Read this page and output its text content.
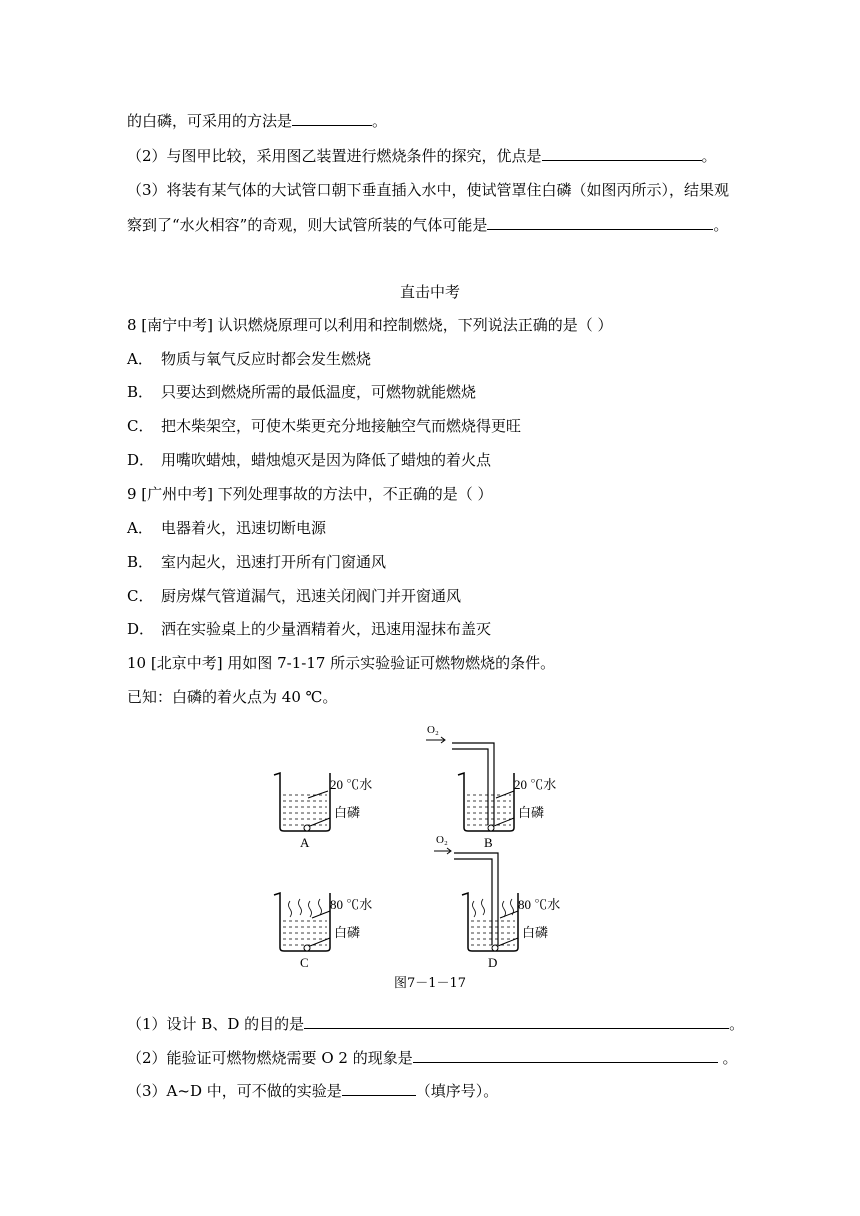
的白磷，可采用的方法是	。
（2）与图甲比较，采用图乙装置进行燃烧条件的探究，优点是	。
（3）将装有某气体的大试管口朝下垂直插入水中，使试管罩住白磷（如图丙所示），结果观
察到了“水火相容”的奇观，则大试管所装的气体可能是	。
直击中考
8 [南宁中考] 认识燃烧原理可以利用和控制燃烧，下列说法正确的是（ ）
A． 物质与氧气反应时都会发生燃烧
B． 只要达到燃烧所需的最低温度，可燃物就能燃烧
C． 把木柴架空，可使木柴更充分地接触空气而燃烧得更旺
D． 用嘴吹蜡烛，蜡烛熄灭是因为降低了蜡烛的着火点
9 [广州中考] 下列处理事故的方法中，不正确的是（ ）
A． 电器着火，迅速切断电源
B． 室内起火，迅速打开所有门窗通风
C． 厨房煤气管道漏气，迅速关闭阀门并开窗通风
D． 洒在实验桌上的少量酒精着火，迅速用湿抹布盖灭
10 [北京中考] 用如图 7-1-17 所示实验验证可燃物燃烧的条件。
已知：白磷的着火点为 40 ℃。
20 ℃水
白磷
A
20 ℃水
白磷
B
O₂
80 ℃水
白磷
C
80 ℃水
白磷
D
O₂
图7－1－17
（1）设计 B、D 的目的是	。
（2）能验证可燃物燃烧需要 O 2 的现象是	。
（3）A~D 中，可不做的实验是	（填序号）。
